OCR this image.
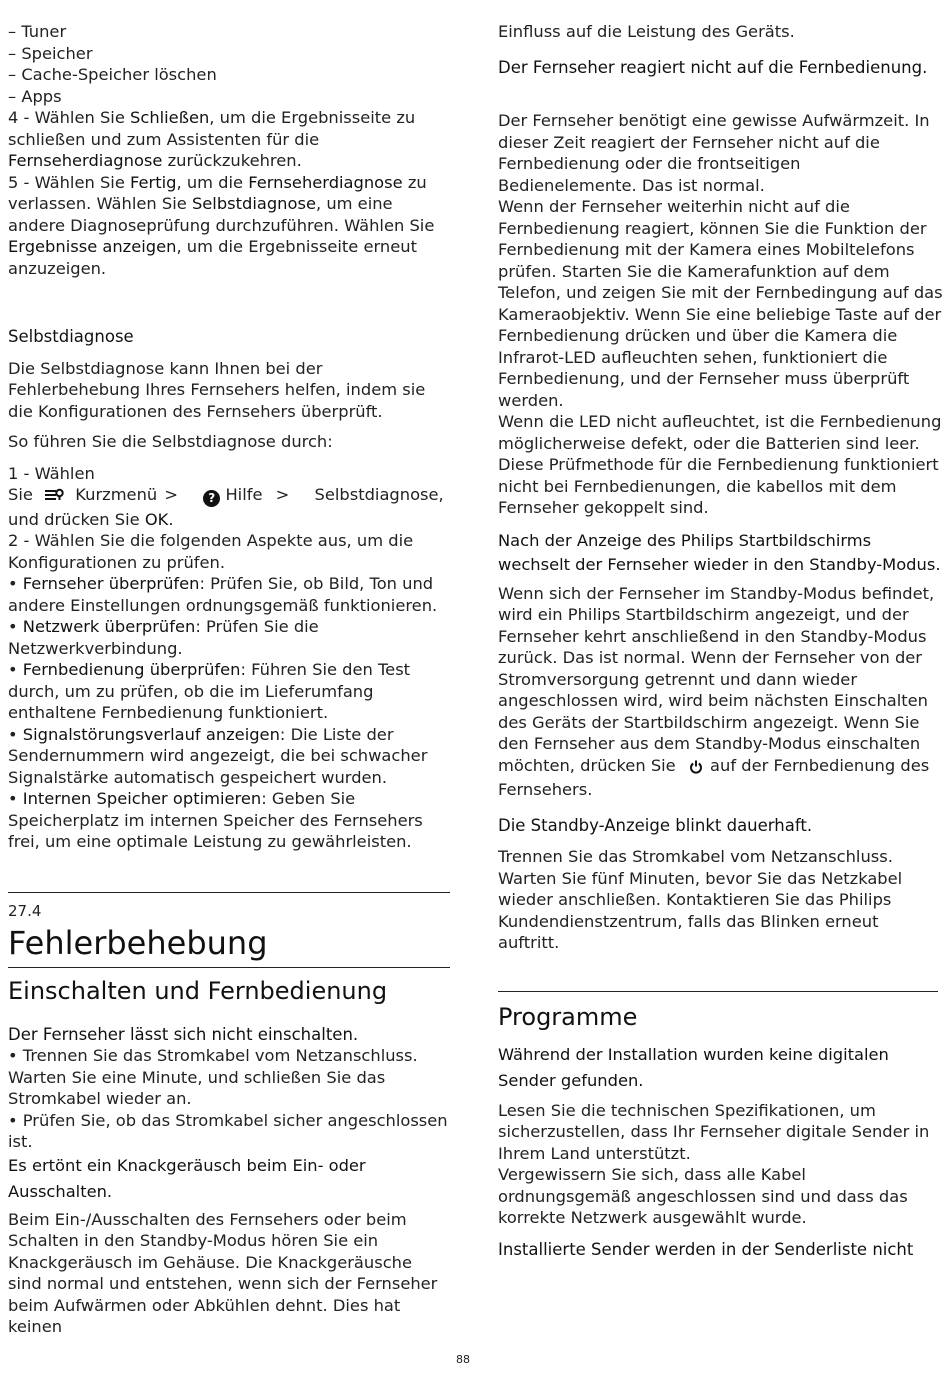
– Tuner

– Speicher

– Cache-Speicher löschen

– Apps

4 - Wählen Sie Schließen, um die Ergebnisseite zu schließen und zum Assistenten für die Fernseherdiagnose zurückzukehren.

5 - Wählen Sie Fertig, um die Fernseherdiagnose zu verlassen. Wählen Sie Selbstdiagnose, um eine andere Diagnoseprüfung durchzuführen. Wählen Sie Ergebnisse anzeigen, um die Ergebnisseite erneut anzuzeigen.

Selbstdiagnose

Die Selbstdiagnose kann Ihnen bei der Fehlerbehebung Ihres Fernsehers helfen, indem sie die Konfigurationen des Fernsehers überprüft.

So führen Sie die Selbstdiagnose durch:

1 - Wählen

Sie	Kurzmenü >	? Hilfe > Selbstdiagnose,

und drücken Sie OK.

2 - Wählen Sie die folgenden Aspekte aus, um die Konfigurationen zu prüfen.

• Fernseher überprüfen: Prüfen Sie, ob Bild, Ton und andere Einstellungen ordnungsgemäß funktionieren.

• Netzwerk überprüfen: Prüfen Sie die Netzwerkverbindung.

• Fernbedienung überprüfen: Führen Sie den Test durch, um zu prüfen, ob die im Lieferumfang enthaltene Fernbedienung funktioniert.

• Signalstörungsverlauf anzeigen: Die Liste der Sendernummern wird angezeigt, die bei schwacher Signalstärke automatisch gespeichert wurden.

• Internen Speicher optimieren: Geben Sie Speicherplatz im internen Speicher des Fernsehers frei, um eine optimale Leistung zu gewährleisten.

27.4

Fehlerbehebung

Einschalten und Fernbedienung

Der Fernseher lässt sich nicht einschalten.

• Trennen Sie das Stromkabel vom Netzanschluss. Warten Sie eine Minute, und schließen Sie das Stromkabel wieder an.

• Prüfen Sie, ob das Stromkabel sicher angeschlossen ist.

Es ertönt ein Knackgeräusch beim Ein- oder Ausschalten.

Beim Ein-/Ausschalten des Fernsehers oder beim Schalten in den Standby-Modus hören Sie ein Knackgeräusch im Gehäuse. Die Knackgeräusche sind normal und entstehen, wenn sich der Fernseher beim Aufwärmen oder Abkühlen dehnt. Dies hat keinen

Einfluss auf die Leistung des Geräts.

Der Fernseher reagiert nicht auf die Fernbedienung.

Der Fernseher benötigt eine gewisse Aufwärmzeit. In dieser Zeit reagiert der Fernseher nicht auf die Fernbedienung oder die frontseitigen Bedienelemente. Das ist normal.

Wenn der Fernseher weiterhin nicht auf die Fernbedienung reagiert, können Sie die Funktion der Fernbedienung mit der Kamera eines Mobiltelefons prüfen. Starten Sie die Kamerafunktion auf dem Telefon, und zeigen Sie mit der Fernbedingung auf das Kameraobjektiv. Wenn Sie eine beliebige Taste auf der Fernbedienung drücken und über die Kamera die Infrarot-LED aufleuchten sehen, funktioniert die Fernbedienung, und der Fernseher muss überprüft werden.

Wenn die LED nicht aufleuchtet, ist die Fernbedienung möglicherweise defekt, oder die Batterien sind leer.

Diese Prüfmethode für die Fernbedienung funktioniert nicht bei Fernbedienungen, die kabellos mit dem Fernseher gekoppelt sind.

Nach der Anzeige des Philips Startbildschirms wechselt der Fernseher wieder in den Standby-Modus.

Wenn sich der Fernseher im Standby-Modus befindet, wird ein Philips Startbildschirm angezeigt, und der Fernseher kehrt anschließend in den Standby-Modus zurück. Das ist normal. Wenn der Fernseher von der Stromversorgung getrennt und dann wieder angeschlossen wird, wird beim nächsten Einschalten des Geräts der Startbildschirm angezeigt. Wenn Sie den Fernseher aus dem Standby-Modus einschalten möchten, drücken Sie  auf der Fernbedienung des Fernsehers.

Die Standby-Anzeige blinkt dauerhaft.

Trennen Sie das Stromkabel vom Netzanschluss. Warten Sie fünf Minuten, bevor Sie das Netzkabel wieder anschließen. Kontaktieren Sie das Philips Kundendienstzentrum, falls das Blinken erneut auftritt.

Programme

Während der Installation wurden keine digitalen Sender gefunden.

Lesen Sie die technischen Spezifikationen, um sicherzustellen, dass Ihr Fernseher digitale Sender in Ihrem Land unterstützt.

Vergewissern Sie sich, dass alle Kabel ordnungsgemäß angeschlossen sind und dass das korrekte Netzwerk ausgewählt wurde.

Installierte Sender werden in der Senderliste nicht

88
